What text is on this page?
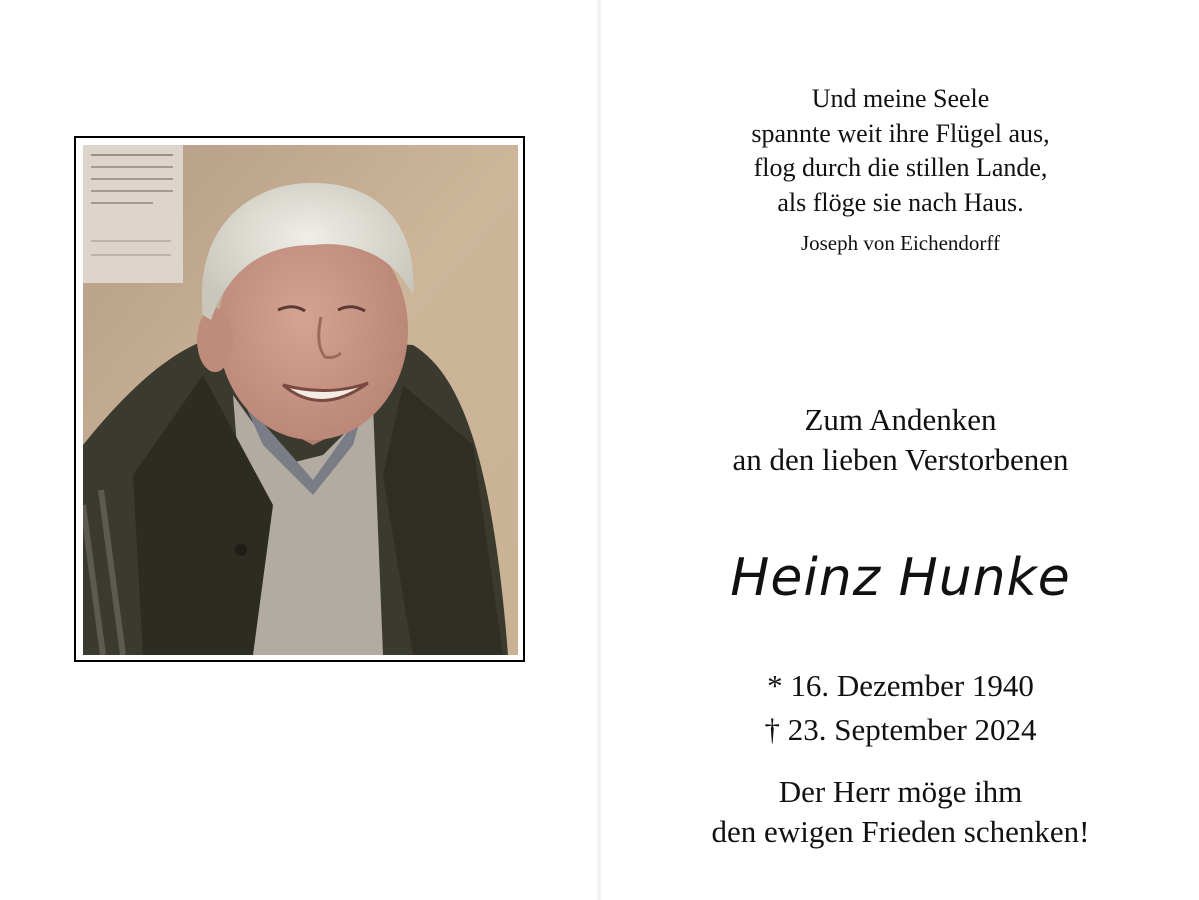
Und meine Seele
spannte weit ihre Flügel aus,
flog durch die stillen Lande,
als flöge sie nach Haus.
Joseph von Eichendorff
Zum Andenken
an den lieben Verstorbenen
Heinz Hunke
* 16. Dezember 1940
† 23. September 2024
Der Herr möge ihm
den ewigen Frieden schenken!
